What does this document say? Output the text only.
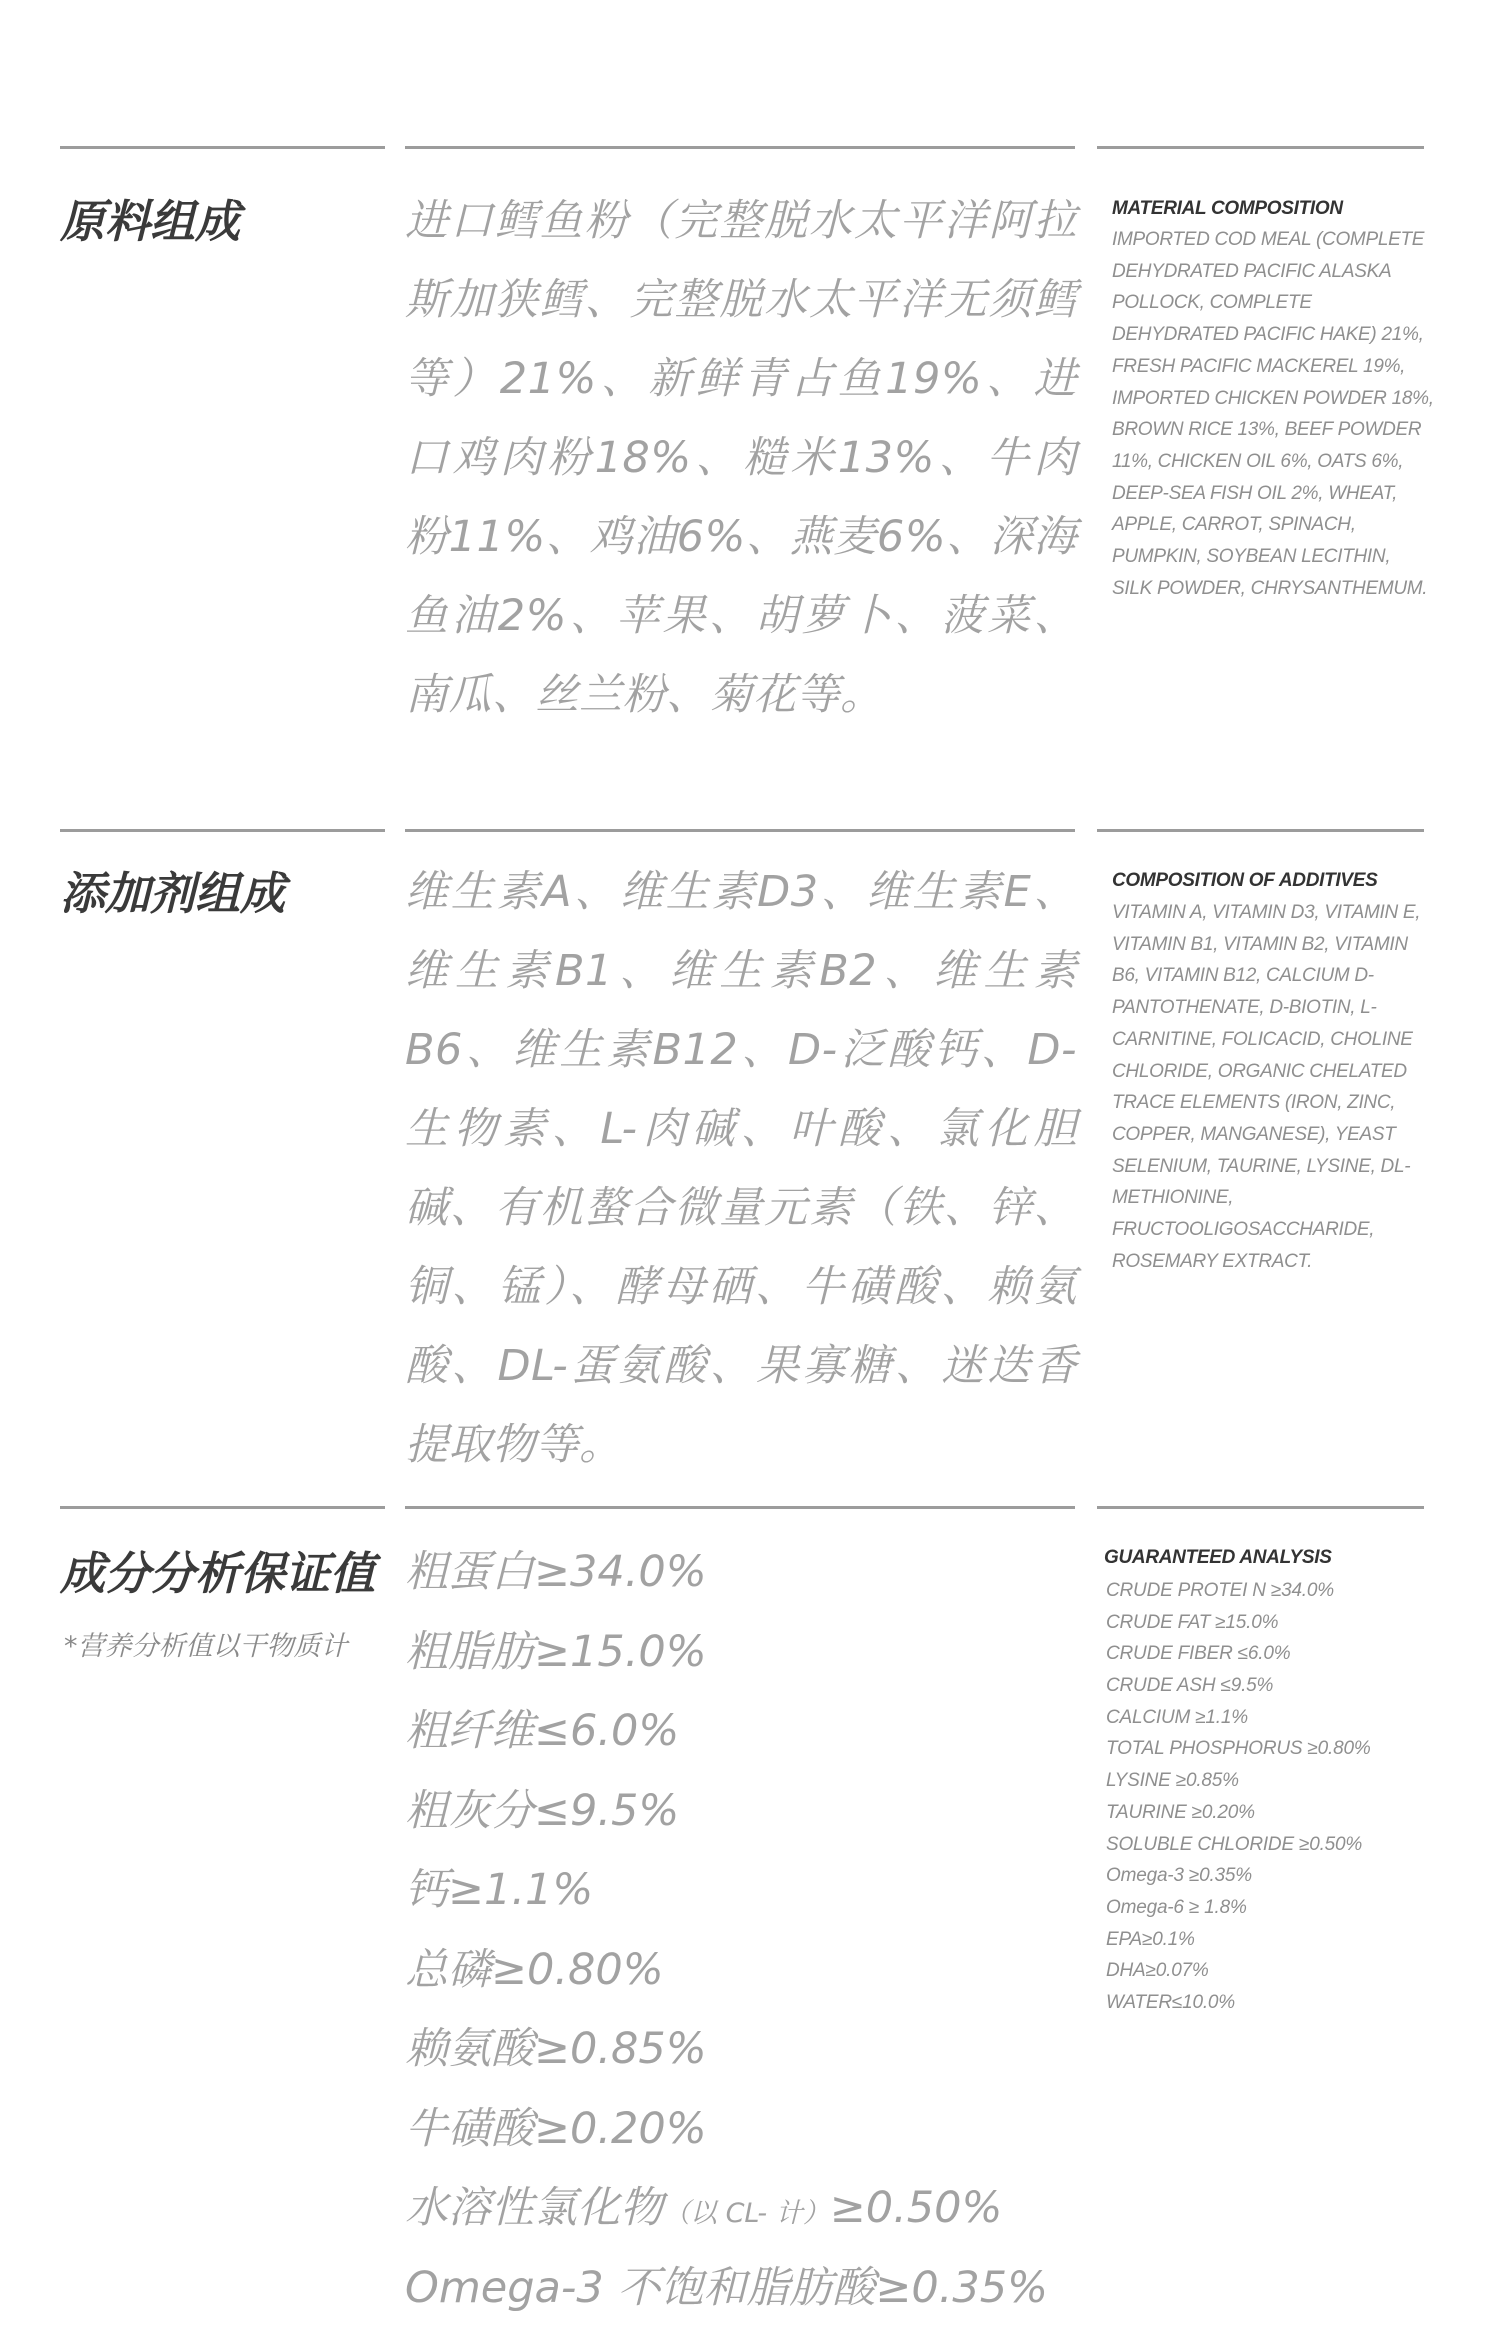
原料组成	进口鳕鱼粉（完整脱水太平洋阿拉斯加狭鳕、完整脱水太平洋无须鳕等）21%、新鲜青占鱼19%、进口鸡肉粉18%、糙米13%、牛肉粉11%、鸡油6%、燕麦6%、深海鱼油2%、苹果、胡萝卜、菠菜、南瓜、丝兰粉、菊花等。
MATERIAL COMPOSITION
IMPORTED COD MEAL (COMPLETE DEHYDRATED PACIFIC ALASKA POLLOCK, COMPLETE DEHYDRATED PACIFIC HAKE) 21%, FRESH PACIFIC MACKEREL 19%, IMPORTED CHICKEN POWDER 18%, BROWN RICE 13%, BEEF POWDER 11%, CHICKEN OIL 6%, OATS 6%, DEEP-SEA FISH OIL 2%, WHEAT, APPLE, CARROT, SPINACH, PUMPKIN, SOYBEAN LECITHIN, SILK POWDER, CHRYSANTHEMUM.
添加剂组成	维生素A、维生素D3、维生素E、维生素B1、维生素B2、维生素B6、维生素B12、D-泛酸钙、D-生物素、L-肉碱、叶酸、氯化胆碱、有机螯合微量元素（铁、锌、铜、锰）、酵母硒、牛磺酸、赖氨酸、DL-蛋氨酸、果寡糖、迷迭香提取物等。
COMPOSITION OF ADDITIVES
VITAMIN A, VITAMIN D3, VITAMIN E, VITAMIN B1, VITAMIN B2, VITAMIN B6, VITAMIN B12, CALCIUM D-PANTOTHENATE, D-BIOTIN, L-CARNITINE, FOLICACID, CHOLINE CHLORIDE, ORGANIC CHELATED TRACE ELEMENTS (IRON, ZINC, COPPER, MANGANESE), YEAST SELENIUM, TAURINE, LYSINE, DL-METHIONINE, FRUCTOOLIGOSACCHARIDE, ROSEMARY EXTRACT.
成分分析保证值
*营养分析值以干物质计
粗蛋白≥34.0%
粗脂肪≥15.0%
粗纤维≤6.0%
粗灰分≤9.5%
钙≥1.1%
总磷≥0.80%
赖氨酸≥0.85%
牛磺酸≥0.20%
水溶性氯化物（以 CL- 计）≥0.50%
Omega-3 不饱和脂肪酸≥0.35%
GUARANTEED ANALYSIS
CRUDE PROTEI N ≥34.0%
CRUDE FAT ≥15.0%
CRUDE FIBER ≤6.0%
CRUDE ASH ≤9.5%
CALCIUM ≥1.1%
TOTAL PHOSPHORUS ≥0.80%
LYSINE ≥0.85%
TAURINE ≥0.20%
SOLUBLE CHLORIDE ≥0.50%
Omega-3 ≥0.35%
Omega-6 ≥ 1.8%
EPA≥0.1%
DHA≥0.07%
WATER≤10.0%
